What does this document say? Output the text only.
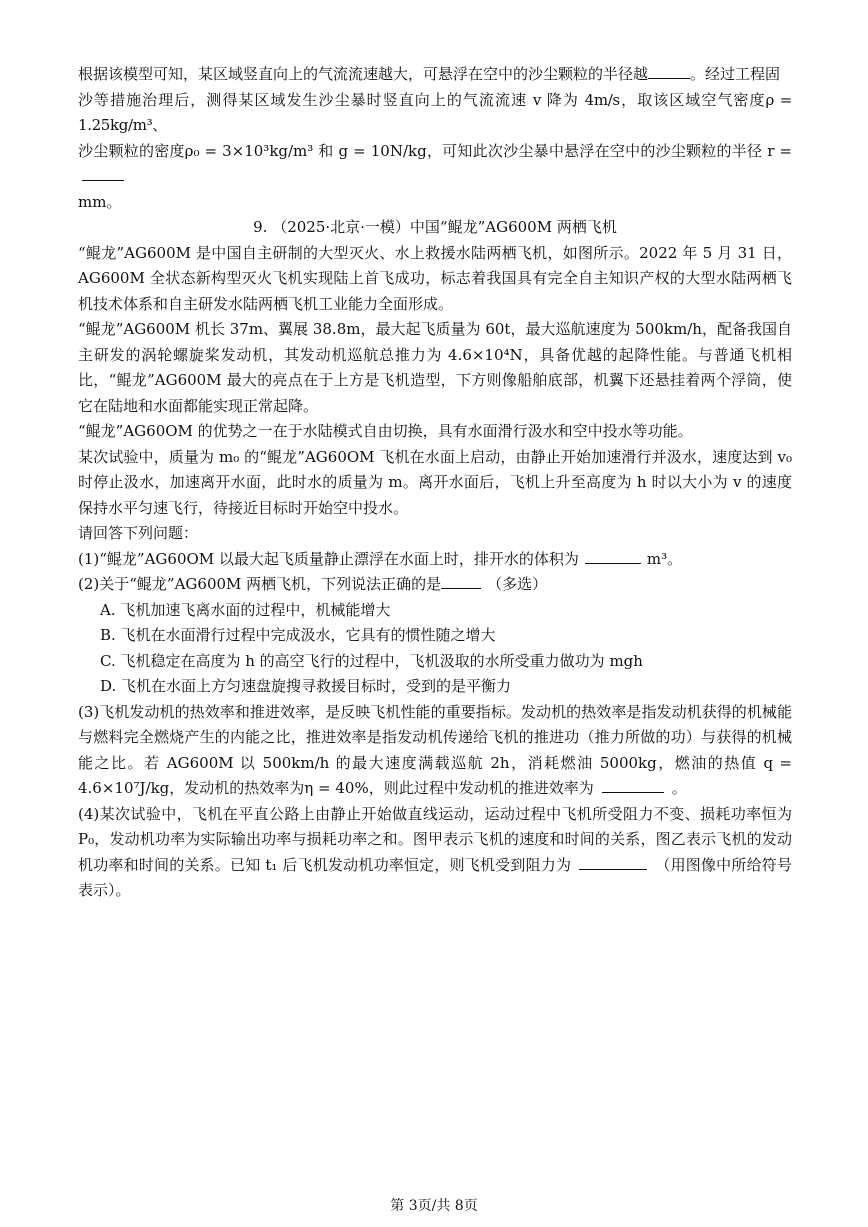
根据该模型可知，某区域竖直向上的气流流速越大，可悬浮在空中的沙尘颗粒的半径越	。经过工程固

沙等措施治理后，测得某区域发生沙尘暴时竖直向上的气流流速 v 降为 4m/s，取该区域空气密度ρ = 1.25kg/m³、

沙尘颗粒的密度ρ₀ = 3×10³kg/m³ 和 g = 10N/kg，可知此次沙尘暴中悬浮在空中的沙尘颗粒的半径 r =

mm。

9. （2025·北京·一模）中国“鲲龙”AG600M 两栖飞机

“鲲龙”AG600M 是中国自主研制的大型灭火、水上救援水陆两栖飞机，如图所示。2022 年 5 月 31 日，AG600M 全状态新构型灭火飞机实现陆上首飞成功，标志着我国具有完全自主知识产权的大型水陆两栖飞机技术体系和自主研发水陆两栖飞机工业能力全面形成。

“鲲龙”AG600M 机长 37m、翼展 38.8m，最大起飞质量为 60t，最大巡航速度为 500km/h，配备我国自主研发的涡轮螺旋桨发动机，其发动机巡航总推力为 4.6×10⁴N，具备优越的起降性能。与普通飞机相比，“鲲龙”AG600M 最大的亮点在于上方是飞机造型，下方则像船舶底部，机翼下还悬挂着两个浮筒，使它在陆地和水面都能实现正常起降。

“鲲龙”AG60OM 的优势之一在于水陆模式自由切换，具有水面滑行汲水和空中投水等功能。

某次试验中，质量为 m₀ 的“鲲龙”AG60OM 飞机在水面上启动，由静止开始加速滑行并汲水，速度达到 v₀ 时停止汲水，加速离开水面，此时水的质量为 m。离开水面后，飞机上升至高度为 h 时以大小为 v 的速度保持水平匀速飞行，待接近目标时开始空中投水。

请回答下列问题：

(1)“鲲龙”AG60OM 以最大起飞质量静止漂浮在水面上时，排开水的体积为	m³。

(2)关于“鲲龙”AG600M 两栖飞机，下列说法正确的是	（多选）

A. 飞机加速飞离水面的过程中，机械能增大

B. 飞机在水面滑行过程中完成汲水，它具有的惯性随之增大

C. 飞机稳定在高度为 h 的高空飞行的过程中，飞机汲取的水所受重力做功为 mgh

D. 飞机在水面上方匀速盘旋搜寻救援目标时，受到的是平衡力

(3)飞机发动机的热效率和推进效率，是反映飞机性能的重要指标。发动机的热效率是指发动机获得的机械能与燃料完全燃烧产生的内能之比，推进效率是指发动机传递给飞机的推进功（推力所做的功）与获得的机械能之比。若 AG600M 以 500km/h 的最大速度满载巡航 2h，消耗燃油 5000kg，燃油的热值 q = 4.6×10⁷J/kg，发动机的热效率为η = 40%，则此过程中发动机的推进效率为	。

(4)某次试验中，飞机在平直公路上由静止开始做直线运动，运动过程中飞机所受阻力不变、损耗功率恒为 P₀，发动机功率为实际输出功率与损耗功率之和。图甲表示飞机的速度和时间的关系，图乙表示飞机的发动机功率和时间的关系。已知 t₁ 后飞机发动机功率恒定，则飞机受到阻力为	（用图像中所给符号表示）。

第 3页/共 8页
